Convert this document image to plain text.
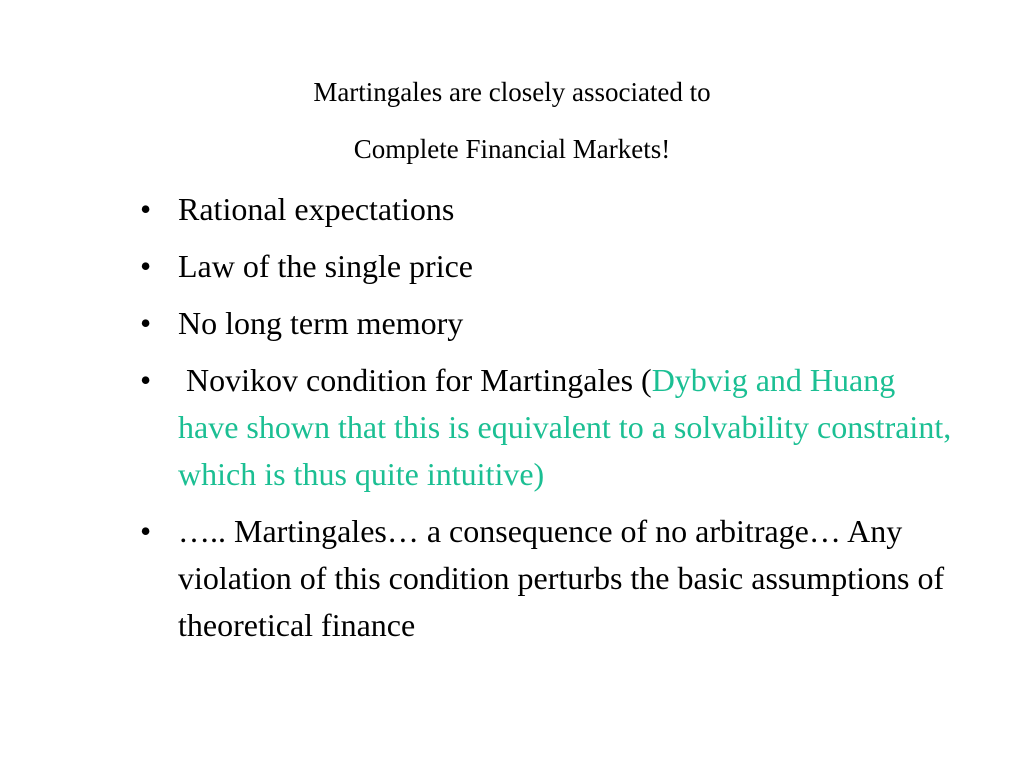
Martingales are closely associated to
Complete Financial Markets!
• Rational expectations
• Law of the single price
• No long term memory
• Novikov condition for Martingales (Dybvig and Huang have shown that this is equivalent to a solvability constraint, which is thus quite intuitive)
• ….. Martingales… a consequence of no arbitrage… Any violation of this condition perturbs the basic assumptions of theoretical finance
